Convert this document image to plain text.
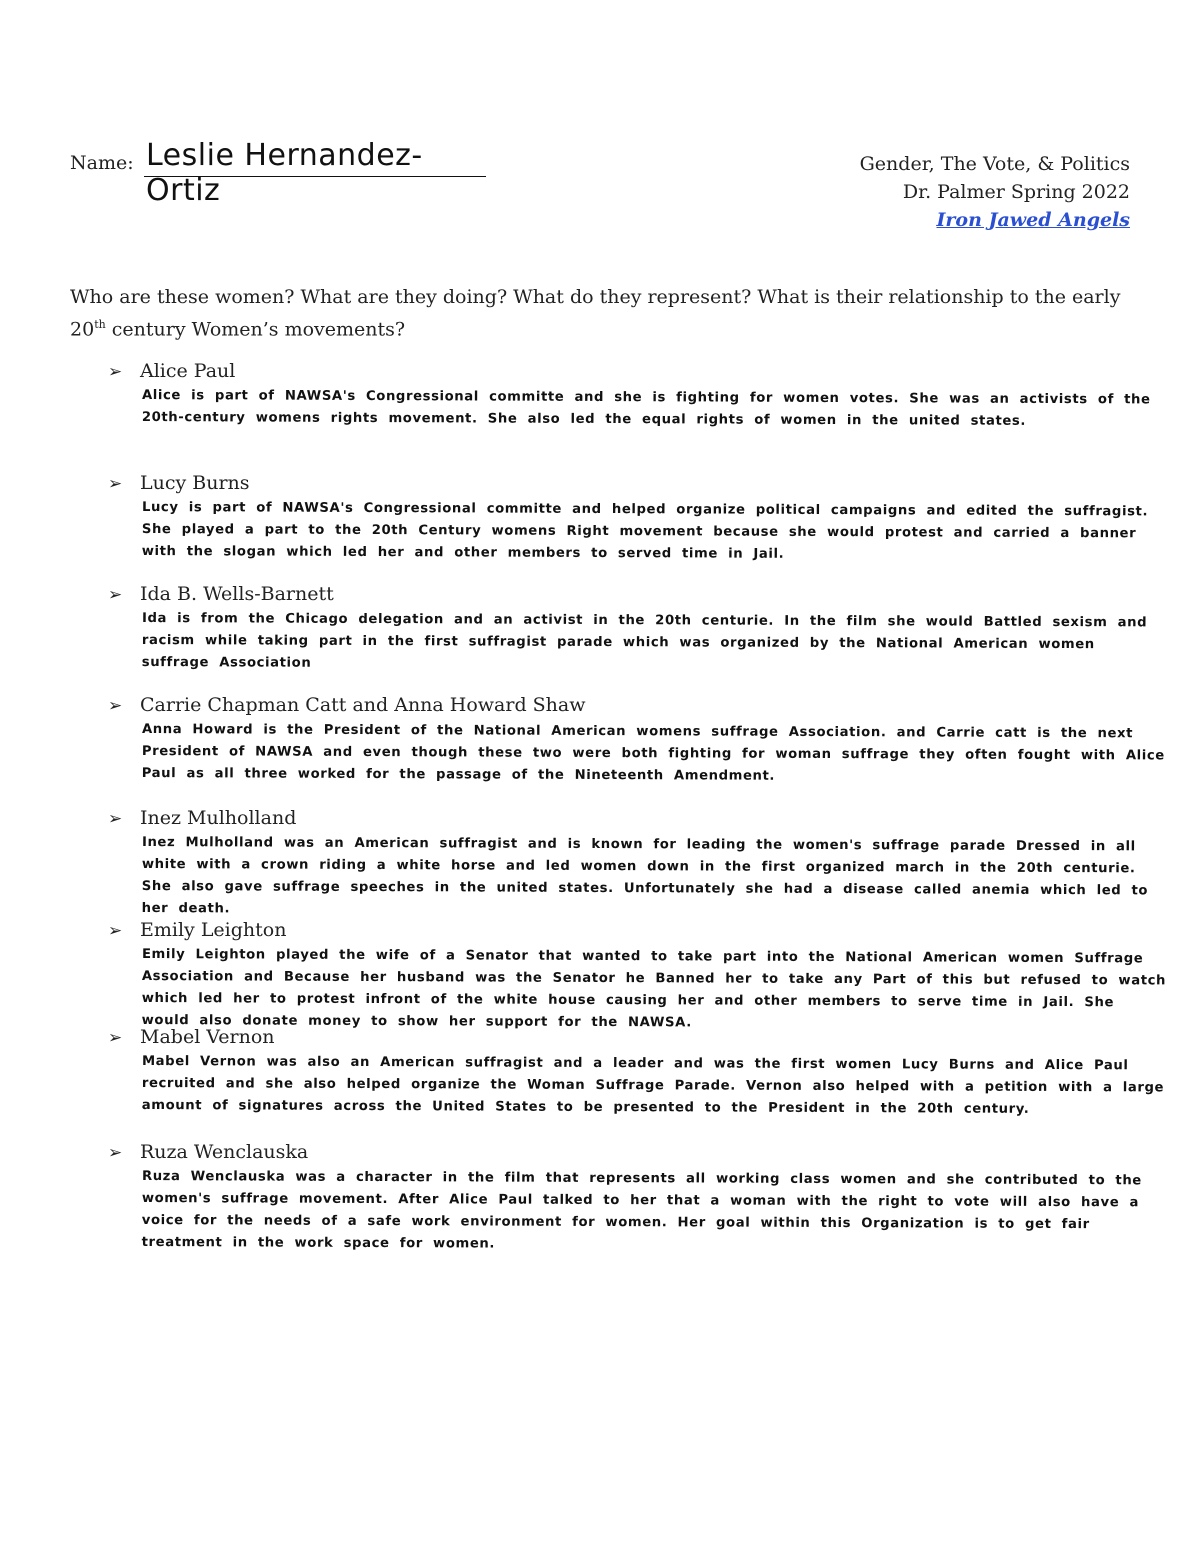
Name: Leslie Hernandez-Ortiz
Gender, The Vote, & Politics
Dr. Palmer Spring 2022
Iron Jawed Angels
Who are these women? What are they doing? What do they represent? What is their relationship to the early
20th century Women’s movements?
➢ Alice Paul
Alice is part of NAWSA's Congressional committe and she is fighting for women votes. She was an activists of the 20th-century womens rights movement. She also led the equal rights of women in the united states.
➢ Lucy Burns
Lucy is part of NAWSA's Congressional committe and helped organize political campaigns and edited the suffragist. She played a part to the 20th Century womens Right movement because she would protest and carried a banner with the slogan which led her and other members to served time in Jail.
➢ Ida B. Wells-Barnett
Ida is from the Chicago delegation and an activist in the 20th centurie. In the film she would Battled sexism and racism while taking part in the first suffragist parade which was organized by the National American women suffrage Association
➢ Carrie Chapman Catt and Anna Howard Shaw
Anna Howard is the President of the National American womens suffrage Association. and Carrie catt is the next President of NAWSA and even though these two were both fighting for woman suffrage they often fought with Alice Paul as all three worked for the passage of the Nineteenth Amendment.
➢ Inez Mulholland
Inez Mulholland was an American suffragist and is known for leading the women's suffrage parade Dressed in all white with a crown riding a white horse and led women down in the first organized march in the 20th centurie. She also gave suffrage speeches in the united states. Unfortunately she had a disease called anemia which led to her death.
➢ Emily Leighton
Emily Leighton played the wife of a Senator that wanted to take part into the National American women Suffrage Association and Because her husband was the Senator he Banned her to take any Part of this but refused to watch which led her to protest infront of the white house causing her and other members to serve time in Jail. She would also donate money to show her support for the NAWSA.
➢ Mabel Vernon
Mabel Vernon was also an American suffragist and a leader and was the first women Lucy Burns and Alice Paul recruited and she also helped organize the Woman Suffrage Parade. Vernon also helped with a petition with a large amount of signatures across the United States to be presented to the President in the 20th century.
➢ Ruza Wenclauska
Ruza Wenclauska was a character in the film that represents all working class women and she contributed to the women's suffrage movement. After Alice Paul talked to her that a woman with the right to vote will also have a voice for the needs of a safe work environment for women. Her goal within this Organization is to get fair treatment in the work space for women.
